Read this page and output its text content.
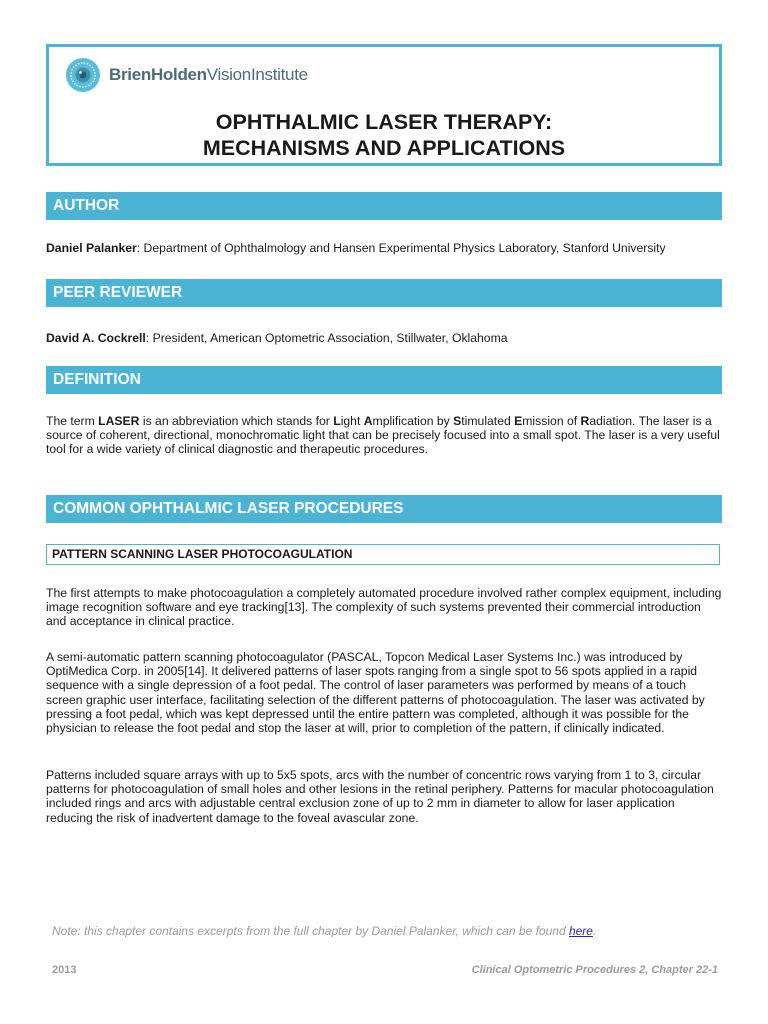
BrienHoldenVisionInstitute
OPHTHALMIC LASER THERAPY:
MECHANISMS AND APPLICATIONS
AUTHOR
Daniel Palanker: Department of Ophthalmology and Hansen Experimental Physics Laboratory, Stanford University
PEER REVIEWER
David A. Cockrell: President, American Optometric Association, Stillwater, Oklahoma
DEFINITION
The term LASER is an abbreviation which stands for Light Amplification by Stimulated Emission of Radiation. The laser is a source of coherent, directional, monochromatic light that can be precisely focused into a small spot. The laser is a very useful tool for a wide variety of clinical diagnostic and therapeutic procedures.
COMMON OPHTHALMIC LASER PROCEDURES
PATTERN SCANNING LASER PHOTOCOAGULATION
The first attempts to make photocoagulation a completely automated procedure involved rather complex equipment, including image recognition software and eye tracking[13]. The complexity of such systems prevented their commercial introduction and acceptance in clinical practice.
A semi-automatic pattern scanning photocoagulator (PASCAL, Topcon Medical Laser Systems Inc.) was introduced by OptiMedica Corp. in 2005[14]. It delivered patterns of laser spots ranging from a single spot to 56 spots applied in a rapid sequence with a single depression of a foot pedal. The control of laser parameters was performed by means of a touch screen graphic user interface, facilitating selection of the different patterns of photocoagulation. The laser was activated by pressing a foot pedal, which was kept depressed until the entire pattern was completed, although it was possible for the physician to release the foot pedal and stop the laser at will, prior to completion of the pattern, if clinically indicated.
Patterns included square arrays with up to 5x5 spots, arcs with the number of concentric rows varying from 1 to 3, circular patterns for photocoagulation of small holes and other lesions in the retinal periphery. Patterns for macular photocoagulation included rings and arcs with adjustable central exclusion zone of up to 2 mm in diameter to allow for laser application reducing the risk of inadvertent damage to the foveal avascular zone.
Note: this chapter contains excerpts from the full chapter by Daniel Palanker, which can be found here.
2013	Clinical Optometric Procedures 2, Chapter 22-1
